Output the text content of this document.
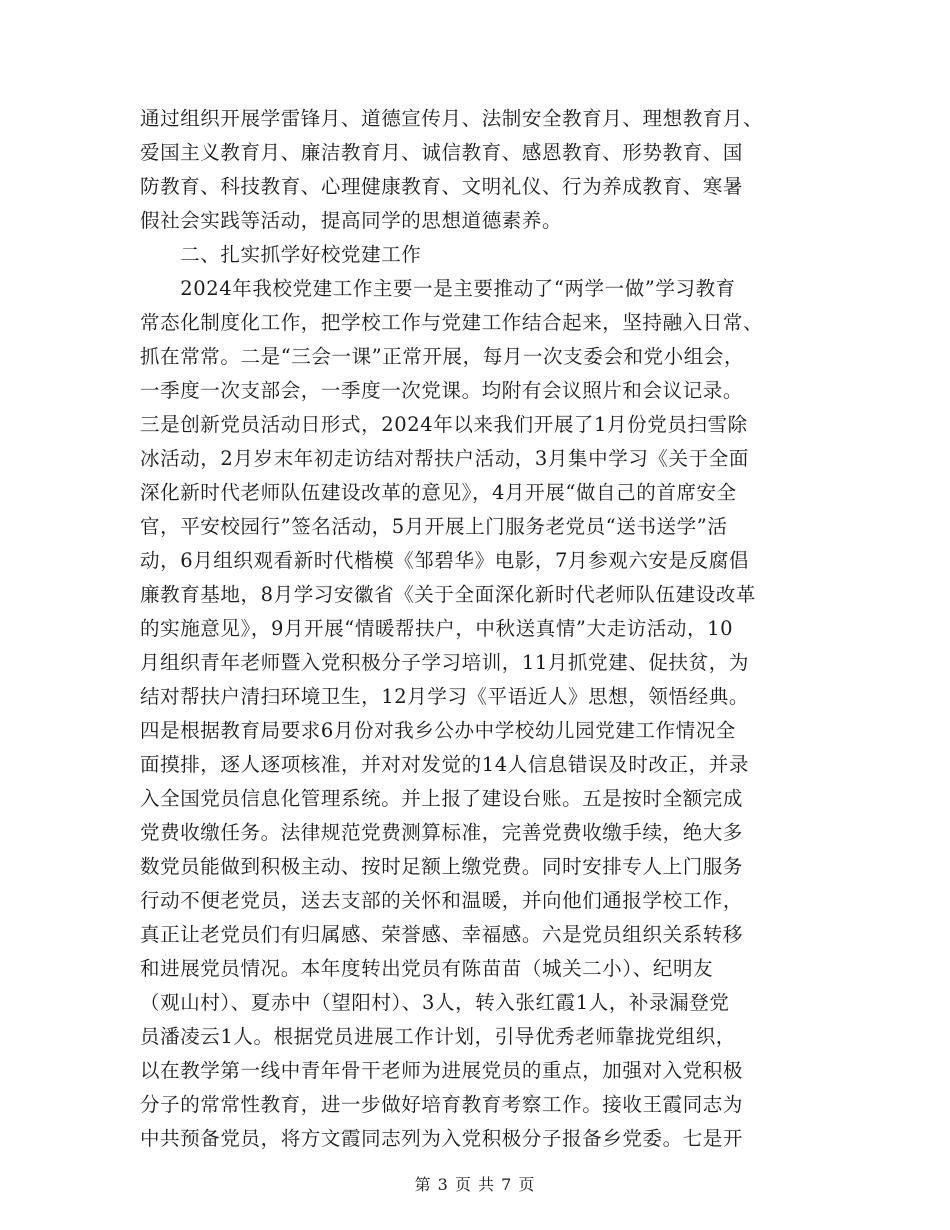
通过组织开展学雷锋月、道德宣传月、法制安全教育月、理想教育月、
爱国主义教育月、廉洁教育月、诚信教育、感恩教育、形势教育、国
防教育、科技教育、心理健康教育、文明礼仪、行为养成教育、寒暑
假社会实践等活动，提高同学的思想道德素养。
　　二、扎实抓学好校党建工作
　　2024年我校党建工作主要一是主要推动了“两学一做”学习教育
常态化制度化工作，把学校工作与党建工作结合起来，坚持融入日常、
抓在常常。二是“三会一课”正常开展，每月一次支委会和党小组会，
一季度一次支部会，一季度一次党课。均附有会议照片和会议记录。
三是创新党员活动日形式，2024年以来我们开展了1月份党员扫雪除
冰活动，2月岁末年初走访结对帮扶户活动，3月集中学习《关于全面
深化新时代老师队伍建设改革的意见》，4月开展“做自己的首席安全
官，平安校园行”签名活动，5月开展上门服务老党员“送书送学”活
动，6月组织观看新时代楷模《邹碧华》电影，7月参观六安是反腐倡
廉教育基地，8月学习安徽省《关于全面深化新时代老师队伍建设改革
的实施意见》，9月开展“情暖帮扶户，中秋送真情”大走访活动，10
月组织青年老师暨入党积极分子学习培训，11月抓党建、促扶贫，为
结对帮扶户清扫环境卫生，12月学习《平语近人》思想，领悟经典。
四是根据教育局要求6月份对我乡公办中学校幼儿园党建工作情况全
面摸排，逐人逐项核准，并对对发觉的14人信息错误及时改正，并录
入全国党员信息化管理系统。并上报了建设台账。五是按时全额完成
党费收缴任务。法律规范党费测算标准，完善党费收缴手续，绝大多
数党员能做到积极主动、按时足额上缴党费。同时安排专人上门服务
行动不便老党员，送去支部的关怀和温暖，并向他们通报学校工作，
真正让老党员们有归属感、荣誉感、幸福感。六是党员组织关系转移
和进展党员情况。本年度转出党员有陈苗苗（城关二小）、纪明友
（观山村）、夏赤中（望阳村）、3人，转入张红霞1人，补录漏登党
员潘凌云1人。根据党员进展工作计划，引导优秀老师靠拢党组织，
以在教学第一线中青年骨干老师为进展党员的重点，加强对入党积极
分子的常常性教育，进一步做好培育教育考察工作。接收王霞同志为
中共预备党员，将方文霞同志列为入党积极分子报备乡党委。七是开
第 3 页 共 7 页
